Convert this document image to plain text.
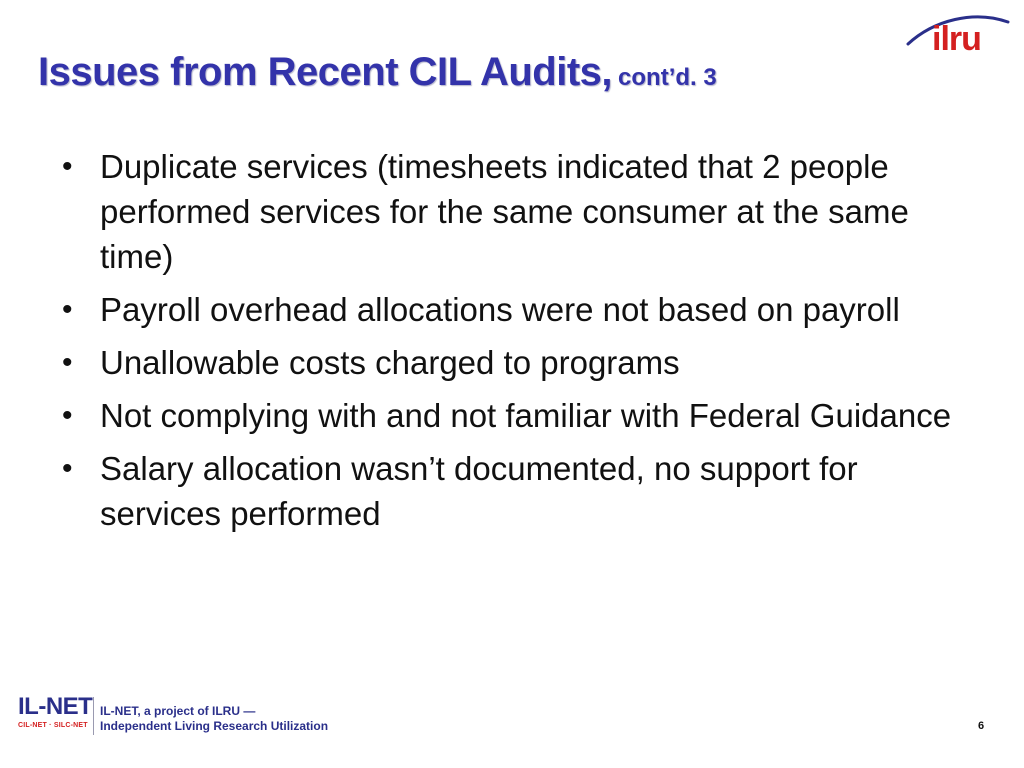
Issues from Recent CIL Audits, cont’d. 3
ilru
• Duplicate services (timesheets indicated that 2 people performed services for the same consumer at the same time)
• Payroll overhead allocations were not based on payroll
• Unallowable costs charged to programs
• Not complying with and not familiar with Federal Guidance
• Salary allocation wasn’t documented, no support for services performed
IL-NET
CIL-NET · SILC-NET
IL-NET, a project of ILRU —
Independent Living Research Utilization	6
